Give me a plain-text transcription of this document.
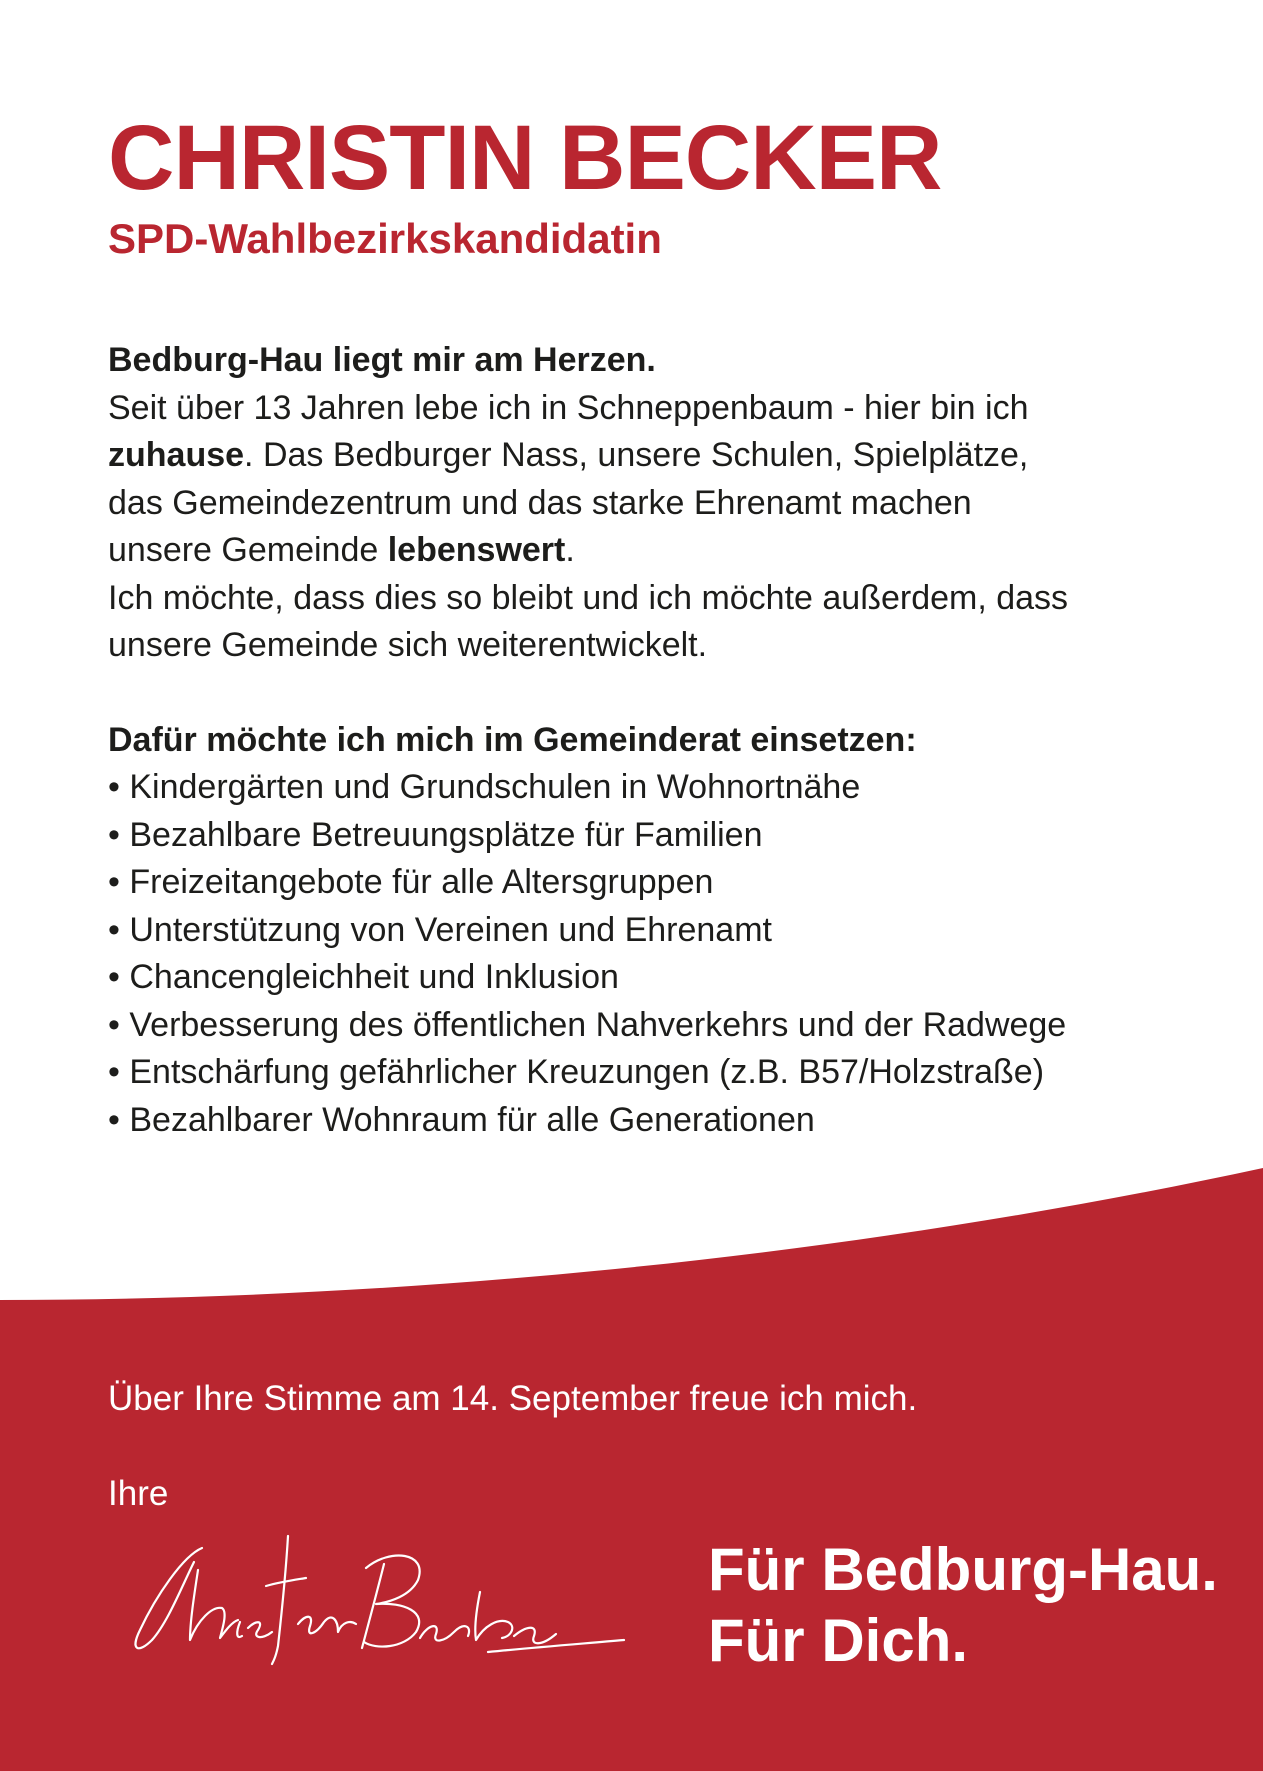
CHRISTIN BECKER
SPD-Wahlbezirkskandidatin

Bedburg-Hau liegt mir am Herzen.
Seit über 13 Jahren lebe ich in Schneppenbaum - hier bin ich
zuhause. Das Bedburger Nass, unsere Schulen, Spielplätze,
das Gemeindezentrum und das starke Ehrenamt machen
unsere Gemeinde lebenswert.
Ich möchte, dass dies so bleibt und ich möchte außerdem, dass
unsere Gemeinde sich weiterentwickelt.

Dafür möchte ich mich im Gemeinderat einsetzen:

• Kindergärten und Grundschulen in Wohnortnähe
• Bezahlbare Betreuungsplätze für Familien
• Freizeitangebote für alle Altersgruppen
• Unterstützung von Vereinen und Ehrenamt
• Chancengleichheit und Inklusion
• Verbesserung des öffentlichen Nahverkehrs und der Radwege
• Entschärfung gefährlicher Kreuzungen (z.B. B57/Holzstraße)
• Bezahlbarer Wohnraum für alle Generationen

Über Ihre Stimme am 14. September freue ich mich.

Ihre

Für Bedburg-Hau.
Für Dich.
